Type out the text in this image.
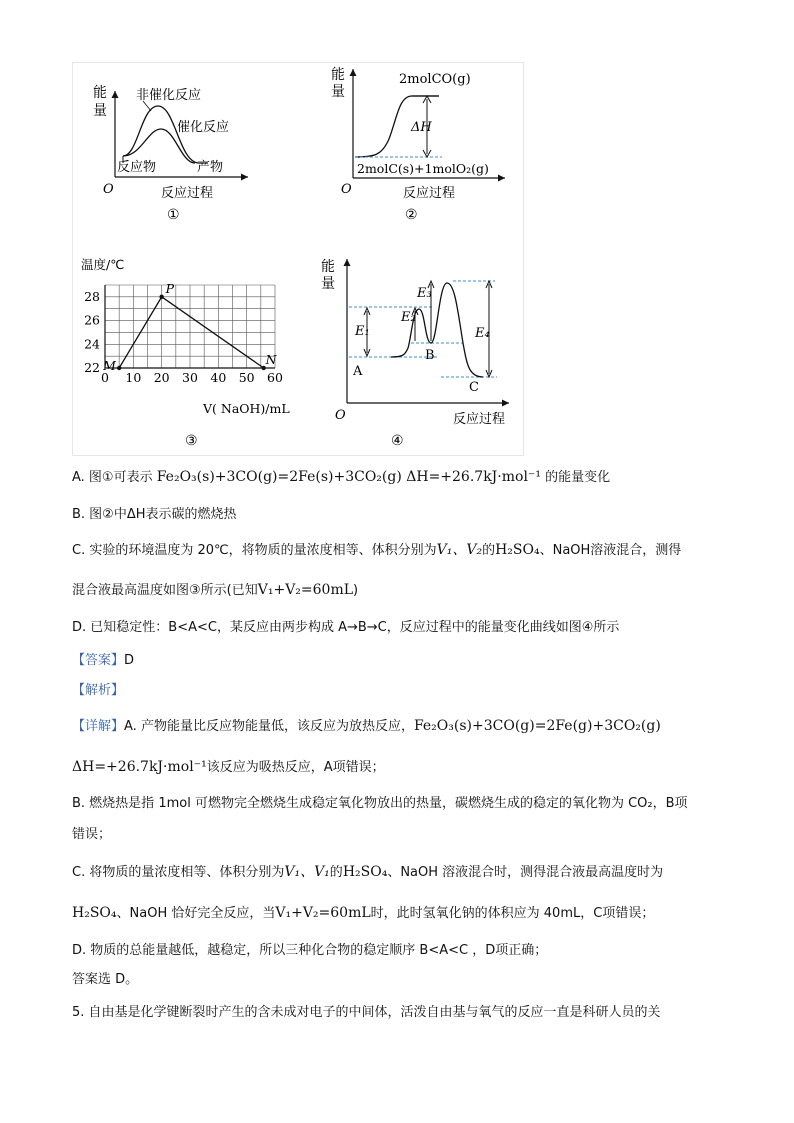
能
量
非催化反应
催化反应
反应物	产物
O	反应过程
①
能
量
2molCO(g)
ΔH
2molC(s)+1molO₂(g)
O	反应过程
②
0 10 20 30 40 50 60
22
24
26
28
M
P
N
温度/℃
V( NaOH)/mL
③
能
量
E₁
E₂
E₃
E₄
A
B
C
O	反应过程
④
A. 图①可表示 Fe₂O₃(s)+3CO(g)=2Fe(s)+3CO₂(g) ΔH=+26.7kJ·mol⁻¹ 的能量变化
B. 图②中ΔH表示碳的燃烧热
C. 实验的环境温度为 20℃，将物质的量浓度相等、体积分别为V₁、V₂的H₂SO₄、NaOH溶液混合，测得
混合液最高温度如图③所示(已知V₁+V₂=60mL)
D. 已知稳定性：B<A<C，某反应由两步构成 A→B→C，反应过程中的能量变化曲线如图④所示
【答案】D
【解析】
【详解】A. 产物能量比反应物能量低，该反应为放热反应，Fe₂O₃(s)+3CO(g)=2Fe(g)+3CO₂(g)
ΔH=+26.7kJ·mol⁻¹该反应为吸热反应，A项错误；
B. 燃烧热是指 1mol 可燃物完全燃烧生成稳定氧化物放出的热量，碳燃烧生成的稳定的氧化物为 CO₂，B项
错误；
C. 将物质的量浓度相等、体积分别为V₁、V₁的H₂SO₄、NaOH 溶液混合时，测得混合液最高温度时为
H₂SO₄、NaOH 恰好完全反应，当V₁+V₂=60mL时，此时氢氧化钠的体积应为 40mL，C项错误；
D. 物质的总能量越低，越稳定，所以三种化合物的稳定顺序 B<A<C ，D项正确；
答案选 D。
5. 自由基是化学键断裂时产生的含未成对电子的中间体，活泼自由基与氧气的反应一直是科研人员的关
